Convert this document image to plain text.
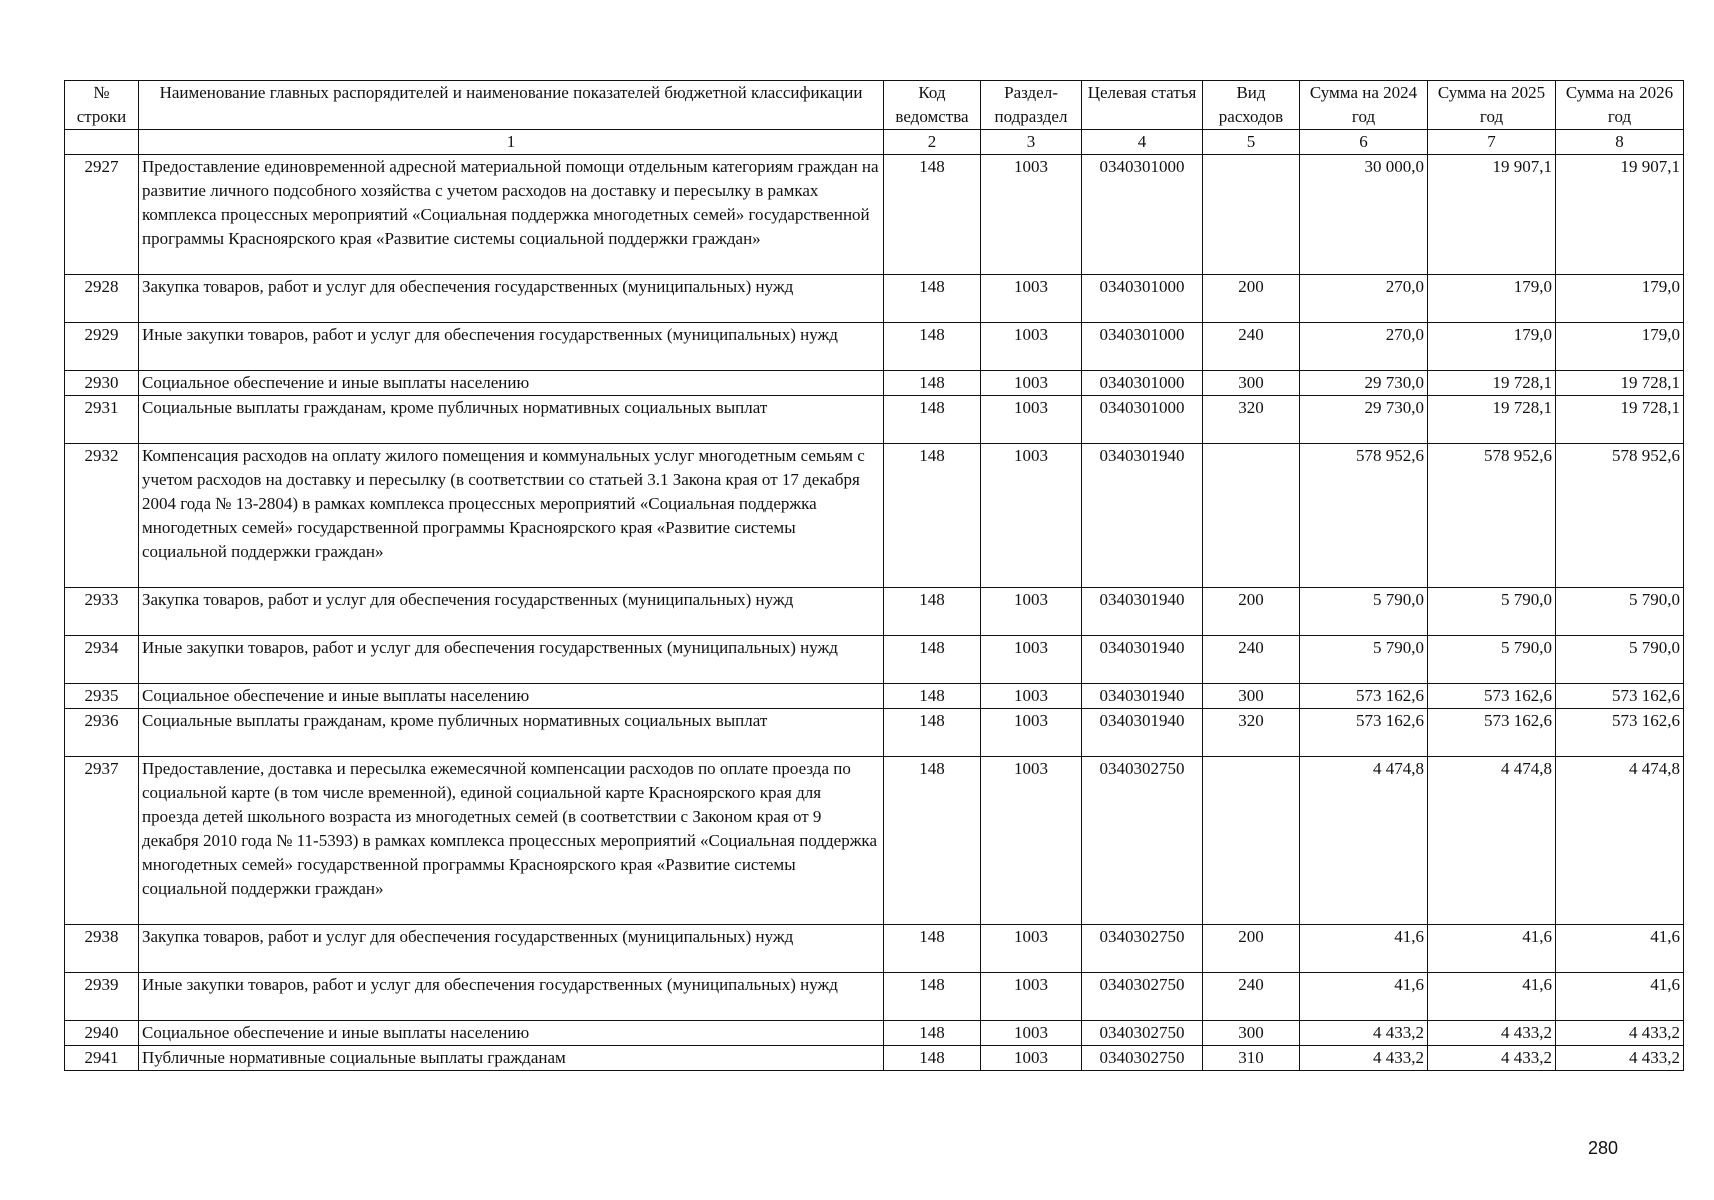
№ строки	Наименование главных распорядителей и наименование показателей бюджетной классификации	Код ведомства	Раздел-подраздел	Целевая статья	Вид расходов	Сумма на 2024 год	Сумма на 2025 год	Сумма на 2026 год
	1	2	3	4	5	6	7	8
2927	Предоставление единовременной адресной материальной помощи отдельным категориям граждан на развитие личного подсобного хозяйства с учетом расходов на доставку и пересылку в рамках комплекса процессных мероприятий «Социальная поддержка многодетных семей» государственной программы Красноярского края «Развитие системы социальной поддержки граждан»	148	1003	0340301000		30 000,0	19 907,1	19 907,1
2928	Закупка товаров, работ и услуг для обеспечения государственных (муниципальных) нужд	148	1003	0340301000	200	270,0	179,0	179,0
2929	Иные закупки товаров, работ и услуг для обеспечения государственных (муниципальных) нужд	148	1003	0340301000	240	270,0	179,0	179,0
2930	Социальное обеспечение и иные выплаты населению	148	1003	0340301000	300	29 730,0	19 728,1	19 728,1
2931	Социальные выплаты гражданам, кроме публичных нормативных социальных выплат	148	1003	0340301000	320	29 730,0	19 728,1	19 728,1
2932	Компенсация расходов на оплату жилого помещения и коммунальных услуг многодетным семьям с учетом расходов на доставку и пересылку (в соответствии со статьей 3.1 Закона края от 17 декабря 2004 года № 13-2804) в рамках комплекса процессных мероприятий «Социальная поддержка многодетных семей» государственной программы Красноярского края «Развитие системы социальной поддержки граждан»	148	1003	0340301940		578 952,6	578 952,6	578 952,6
2933	Закупка товаров, работ и услуг для обеспечения государственных (муниципальных) нужд	148	1003	0340301940	200	5 790,0	5 790,0	5 790,0
2934	Иные закупки товаров, работ и услуг для обеспечения государственных (муниципальных) нужд	148	1003	0340301940	240	5 790,0	5 790,0	5 790,0
2935	Социальное обеспечение и иные выплаты населению	148	1003	0340301940	300	573 162,6	573 162,6	573 162,6
2936	Социальные выплаты гражданам, кроме публичных нормативных социальных выплат	148	1003	0340301940	320	573 162,6	573 162,6	573 162,6
2937	Предоставление, доставка и пересылка ежемесячной компенсации расходов по оплате проезда по социальной карте (в том числе временной), единой социальной карте Красноярского края для проезда детей школьного возраста из многодетных семей (в соответствии с Законом края от 9 декабря 2010 года № 11-5393) в рамках комплекса процессных мероприятий «Социальная поддержка многодетных семей» государственной программы Красноярского края «Развитие системы социальной поддержки граждан»	148	1003	0340302750		4 474,8	4 474,8	4 474,8
2938	Закупка товаров, работ и услуг для обеспечения государственных (муниципальных) нужд	148	1003	0340302750	200	41,6	41,6	41,6
2939	Иные закупки товаров, работ и услуг для обеспечения государственных (муниципальных) нужд	148	1003	0340302750	240	41,6	41,6	41,6
2940	Социальное обеспечение и иные выплаты населению	148	1003	0340302750	300	4 433,2	4 433,2	4 433,2
2941	Публичные нормативные социальные выплаты гражданам	148	1003	0340302750	310	4 433,2	4 433,2	4 433,2
280
